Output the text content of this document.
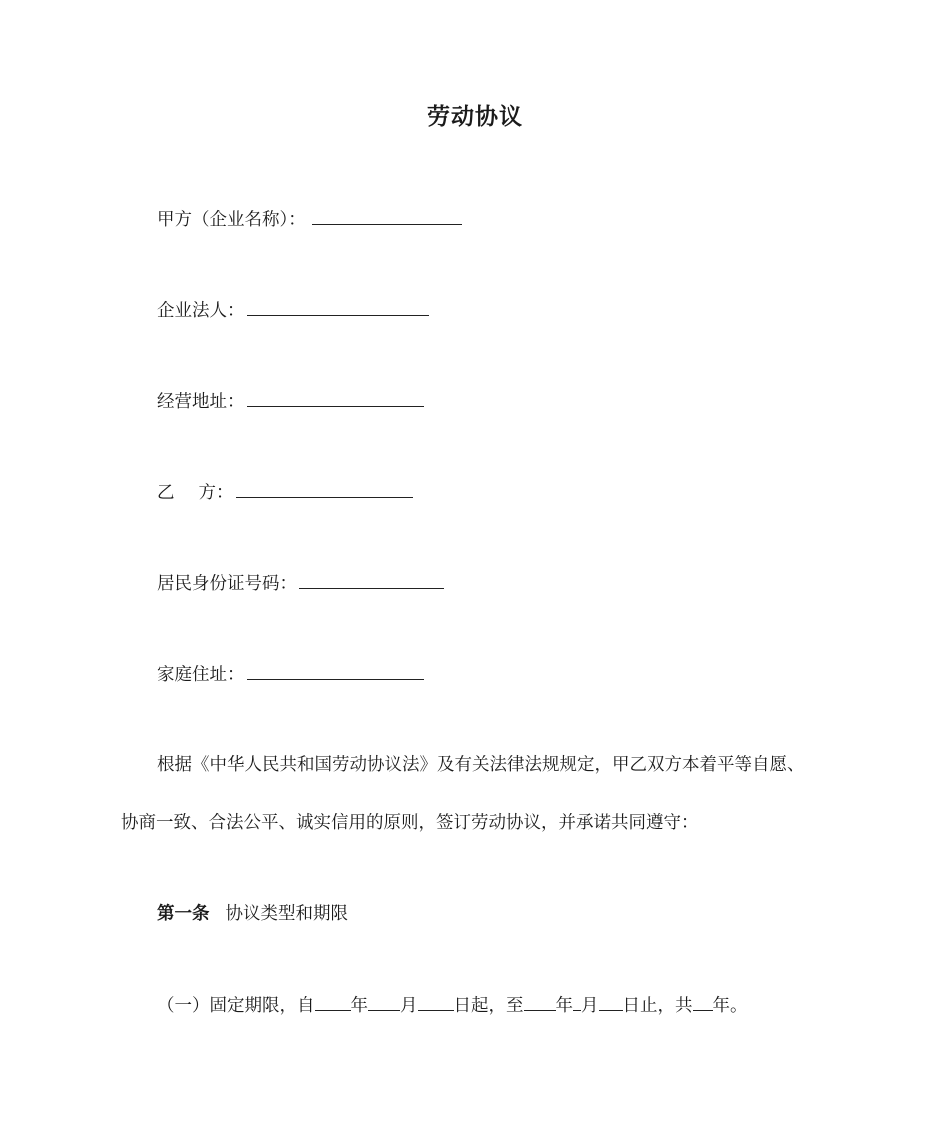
劳动协议
甲方（企业名称）：
企业法人：
经营地址：
乙 方：
居民身份证号码：
家庭住址：
根据《中华人民共和国劳动协议法》及有关法律法规规定，甲乙双方本着平等自愿、
协商一致、合法公平、诚实信用的原则，签订劳动协议，并承诺共同遵守：
第一条 协议类型和期限
（一）固定期限，自 年 月 日起，至 年 月 日止，共 年。
